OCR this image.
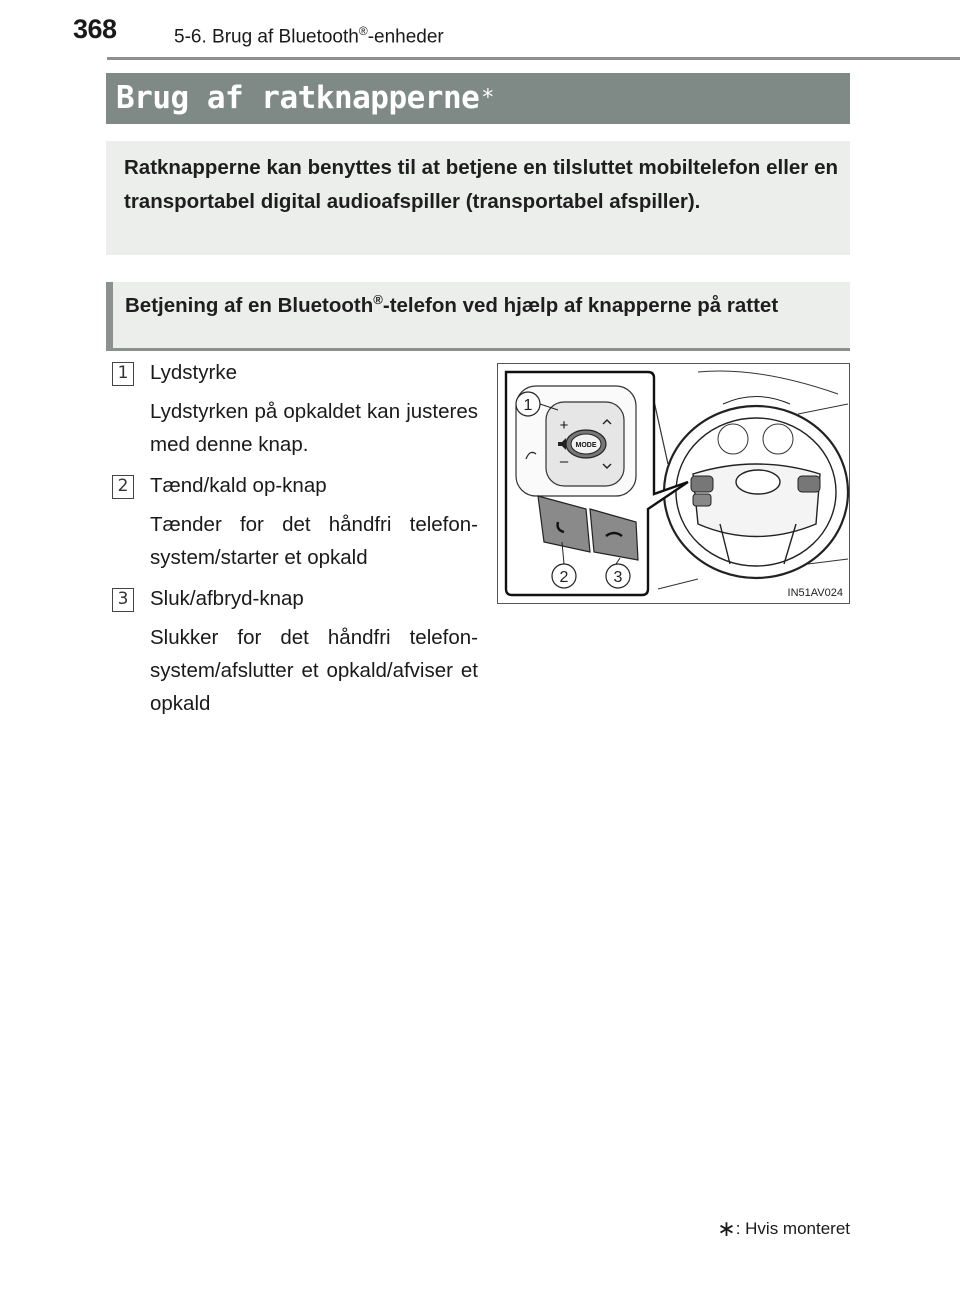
368	5-6. Brug af Bluetooth®-enheder
Brug af ratknapperne∗
Ratknapperne kan benyttes til at betjene en tilsluttet mobiltelefon eller en transportabel digital audioafspiller (transportabel afspiller).
Betjening af en Bluetooth®-telefon ved hjælp af knapperne på rattet
1	Lydstyrke
Lydstyrken på opkaldet kan justeres med denne knap.
2	Tænd/kald op-knap
Tænder for det håndfri telefonsystem/starter et opkald
3	Sluk/afbryd-knap
Slukker for det håndfri telefonsystem/afslutter et opkald/afviser et opkald
MODE
+
–
1
2	3
IN51AV024
∗: Hvis monteret
